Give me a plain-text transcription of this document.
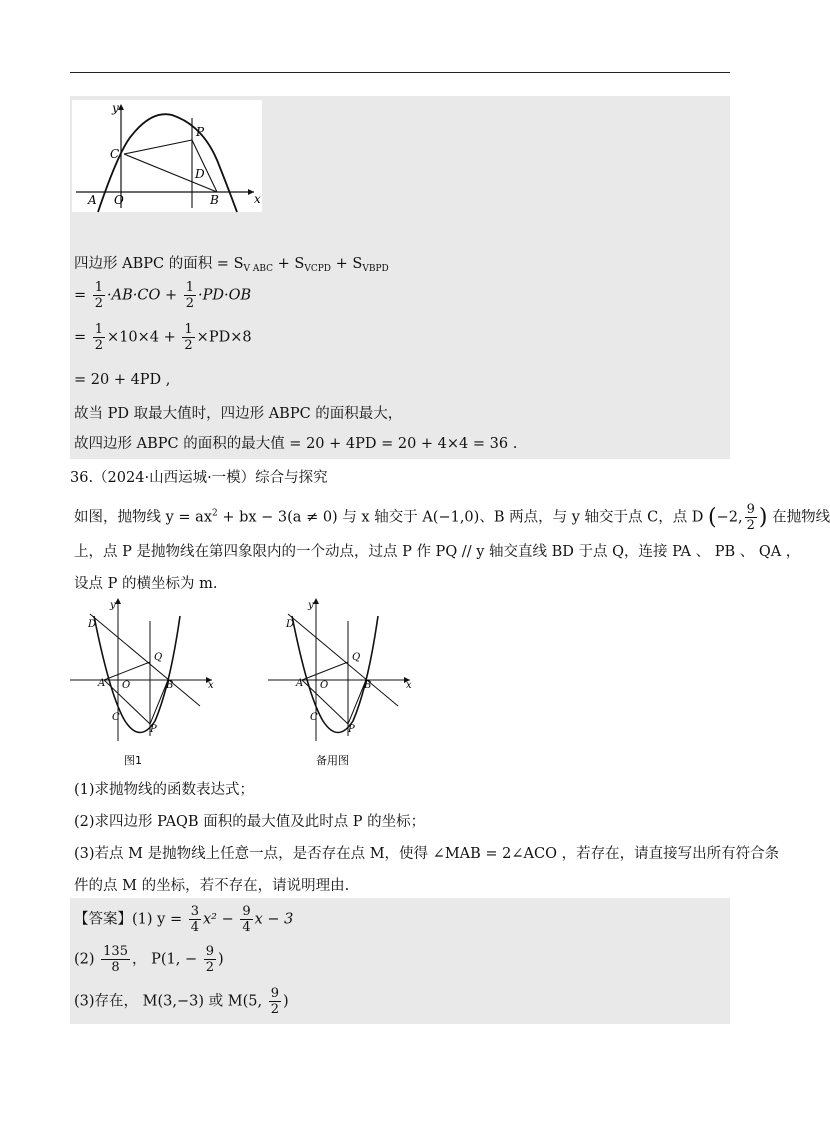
y
P
C
D
A O	B	x
四边形 ABPC 的面积 = $S_{V ABC} + S_{VCPD} + S_{VBPD}$
= $\frac{1}{2} \cdot AB\cdot CO + \frac{1}{2} \cdot PD\cdot OB$
= $\frac{1}{2} \times 10\times 4 + \frac{1}{2} \times PD\times 8$
= 20 + 4PD ,
故当 PD 取最大值时，四边形 ABPC 的面积最大，
故四边形 ABPC 的面积的最大值 = 20 + 4PD = 20 + 4×4 = 36 .
36.（2024·山西运城·一模）综合与探究
如图，抛物线 $y = ax^2$ + bx − 3(a ≠ 0) 与 x 轴交于 A(−1,0)、B 两点，与 y 轴交于点 C，点 D (−2, $\frac{9}{2}$ ) 在抛物线
上，点 P 是抛物线在第四象限内的一个动点，过点 P 作 PQ // y 轴交直线 BD 于点 Q，连接 PA 、 PB 、 QA ，
设点 P 的横坐标为 m.
y
D
Q
A O	B	x
C
P
图1
y
D
Q
A O	B	x
C
P
备用图
(1)求抛物线的函数表达式；
(2)求四边形 PAQB 面积的最大值及此时点 P 的坐标；
(3)若点 M 是抛物线上任意一点，是否存在点 M，使得 ∠MAB = 2∠ACO ，若存在，请直接写出所有符合条
件的点 M 的坐标，若不存在，请说明理由.
【答案】(1) $y = \frac{3}{4} x^2 - \frac{9}{4}$ x − 3
$(2) \frac{135}{8}$ ， P(1, − $\frac{9}{2}$ )
(3)存在， M(3,−3) 或 M(5, $\frac{9}{2}$ )
